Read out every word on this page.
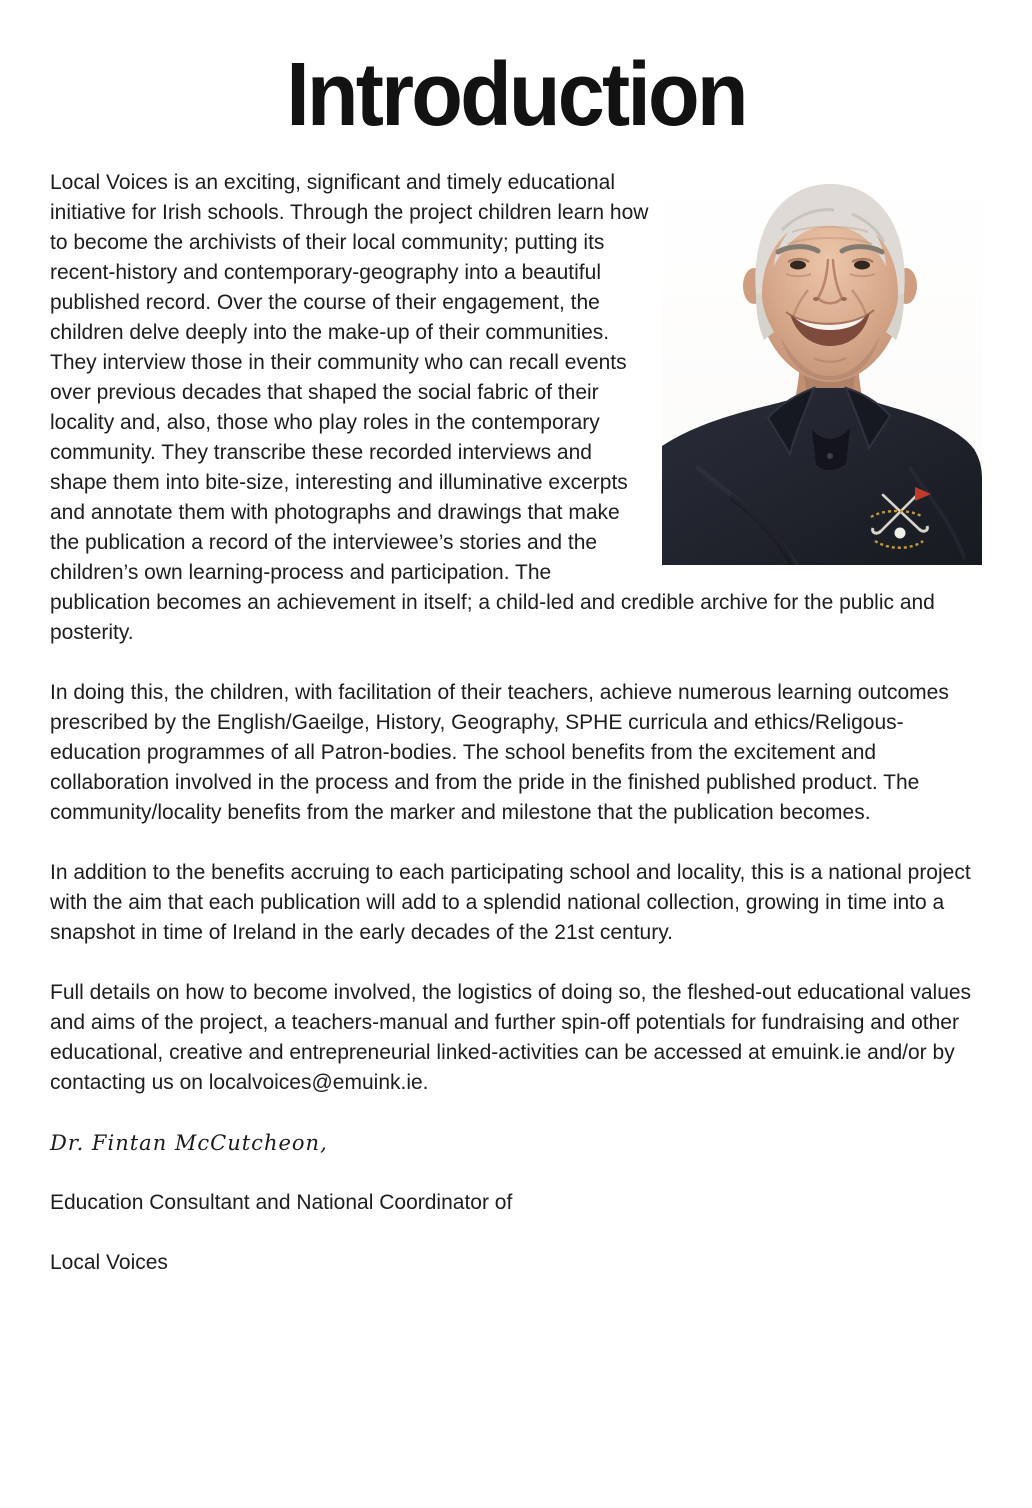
Introduction

Local Voices is an exciting, significant and timely educational initiative for Irish schools. Through the project children learn how to become the archivists of their local community; putting its recent-history and contemporary-geography into a beautiful published record. Over the course of their engagement, the children delve deeply into the make-up of their communities. They interview those in their community who can recall events over previous decades that shaped the social fabric of their locality and, also, those who play roles in the contemporary community. They transcribe these recorded interviews and shape them into bite-size, interesting and illuminative excerpts and annotate them with photographs and drawings that make the publication a record of the interviewee’s stories and the children’s own learning-process and participation. The publication becomes an achievement in itself; a child-led and credible archive for the public and posterity.

In doing this, the children, with facilitation of their teachers, achieve numerous learning outcomes prescribed by the English/Gaeilge, History, Geography, SPHE curricula and ethics/Religous-education programmes of all Patron-bodies. The school benefits from the excitement and collaboration involved in the process and from the pride in the finished published product. The community/locality benefits from the marker and milestone that the publication becomes.

In addition to the benefits accruing to each participating school and locality, this is a national project with the aim that each publication will add to a splendid national collection, growing in time into a snapshot in time of Ireland in the early decades of the 21st century.

Full details on how to become involved, the logistics of doing so, the fleshed-out educational values and aims of the project, a teachers-manual and further spin-off potentials for fundraising and other educational, creative and entrepreneurial linked-activities can be accessed at emuink.ie and/or by contacting us on localvoices@emuink.ie.

Dr. Fintan McCutcheon,

Education Consultant and National Coordinator of

Local Voices
